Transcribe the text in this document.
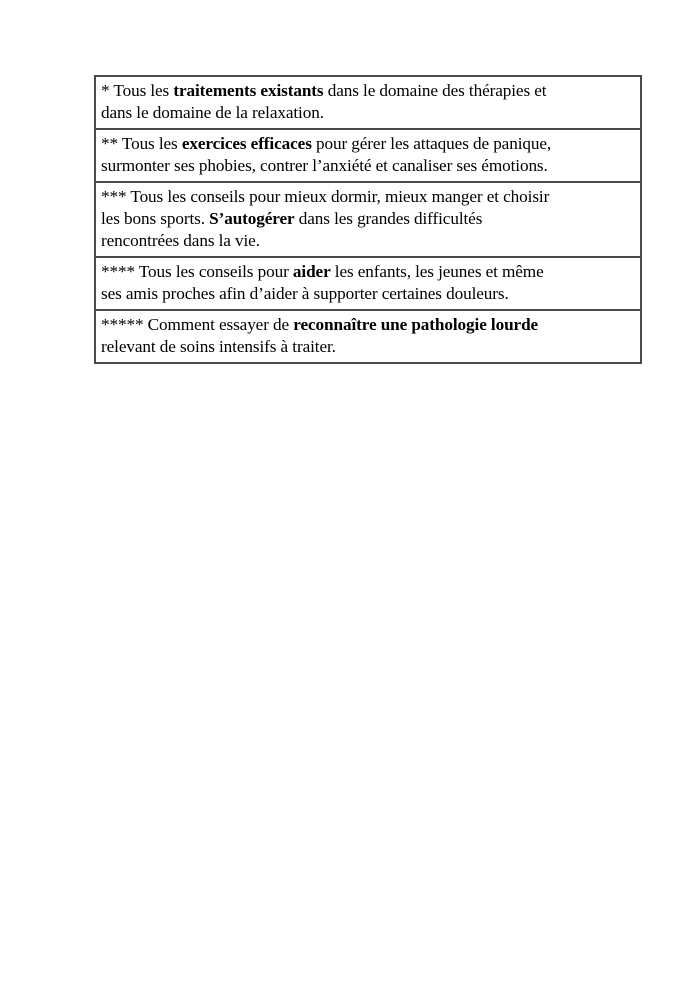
* Tous les traitements existants dans le domaine des thérapies et
dans le domaine de la relaxation.

** Tous les exercices efficaces pour gérer les attaques de panique,
surmonter ses phobies, contrer l’anxiété et canaliser ses émotions.

*** Tous les conseils pour mieux dormir, mieux manger et choisir
les bons sports. S’autogérer dans les grandes difficultés
rencontrées dans la vie.

**** Tous les conseils pour aider les enfants, les jeunes et même
ses amis proches afin d’aider à supporter certaines douleurs.

***** Comment essayer de reconnaître une pathologie lourde
relevant de soins intensifs à traiter.
